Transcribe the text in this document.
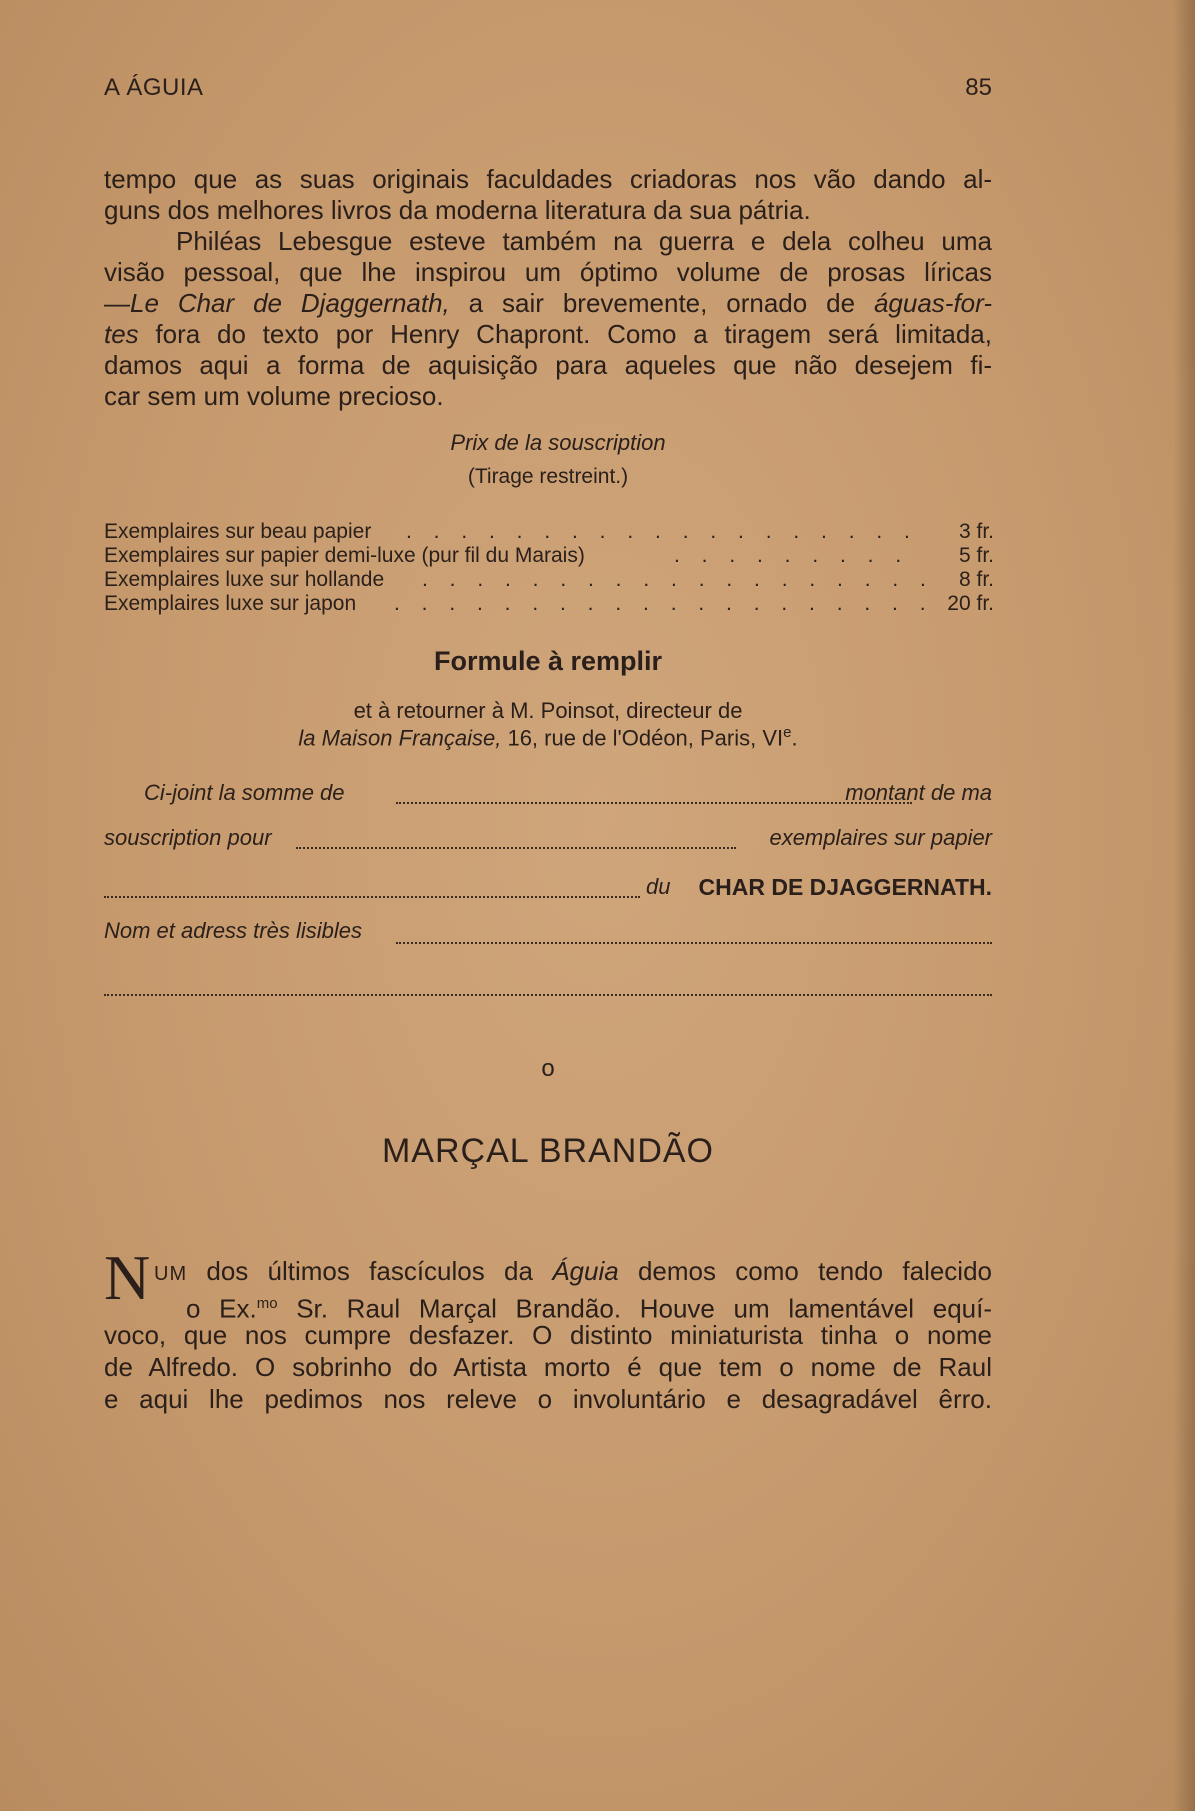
A ÁGUIA	85
tempo que as suas originais faculdades criadoras nos vão dando al-
guns dos melhores livros da moderna literatura da sua pátria.
Philéas Lebesgue esteve também na guerra e dela colheu uma
visão pessoal, que lhe inspirou um óptimo volume de prosas líricas
—Le Char de Djaggernath, a sair brevemente, ornado de águas-for-
tes fora do texto por Henry Chapront. Como a tiragem será limitada,
damos aqui a forma de aquisição para aqueles que não desejem fi-
car sem um volume precioso.
Prix de la souscription
(Tirage restreint.)
Exemplaires sur beau papier . . . . . . . . . . . . . . . . . . . 3 fr.
Exemplaires sur papier demi-luxe (pur fil du Marais)	. . . . . . . . . 5 fr.
Exemplaires luxe sur hollande . . . . . . . . . . . . . . . . . . . 8 fr.
Exemplaires luxe sur japon . . . . . . . . . . . . . . . . . . . . 20 fr.
Formule à remplir
et à retourner à M. Poinsot, directeur de
la Maison Française, 16, rue de l'Odéon, Paris, VIe.
Ci-joint la somme de	montant de ma
souscription pour	exemplaires sur papier
du CHAR DE DJAGGERNATH.
Nom et adress très lisibles
o
MARÇAL BRANDÃO
N UM dos últimos fascículos da Águia demos como tendo falecido
o Ex.$^{mo}$ Sr. Raul Marçal Brandão. Houve um lamentável equí-
voco, que nos cumpre desfazer. O distinto miniaturista tinha o nome
de Alfredo. O sobrinho do Artista morto é que tem o nome de Raul
e aqui lhe pedimos nos releve o involuntário e desagradável êrro.
